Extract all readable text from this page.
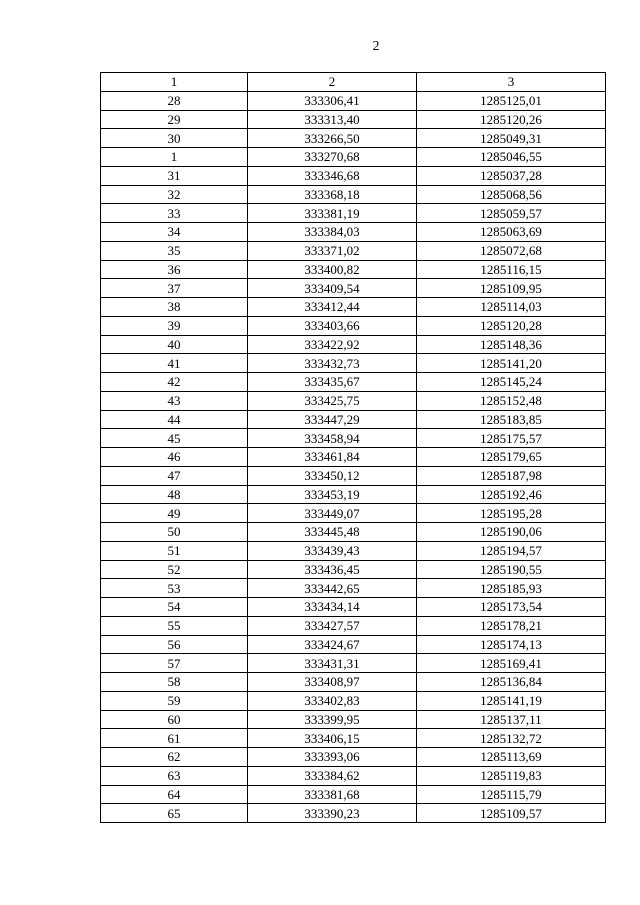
2
1	2	3
28	333306,41	1285125,01
29	333313,40	1285120,26
30	333266,50	1285049,31
1	333270,68	1285046,55
31	333346,68	1285037,28
32	333368,18	1285068,56
33	333381,19	1285059,57
34	333384,03	1285063,69
35	333371,02	1285072,68
36	333400,82	1285116,15
37	333409,54	1285109,95
38	333412,44	1285114,03
39	333403,66	1285120,28
40	333422,92	1285148,36
41	333432,73	1285141,20
42	333435,67	1285145,24
43	333425,75	1285152,48
44	333447,29	1285183,85
45	333458,94	1285175,57
46	333461,84	1285179,65
47	333450,12	1285187,98
48	333453,19	1285192,46
49	333449,07	1285195,28
50	333445,48	1285190,06
51	333439,43	1285194,57
52	333436,45	1285190,55
53	333442,65	1285185,93
54	333434,14	1285173,54
55	333427,57	1285178,21
56	333424,67	1285174,13
57	333431,31	1285169,41
58	333408,97	1285136,84
59	333402,83	1285141,19
60	333399,95	1285137,11
61	333406,15	1285132,72
62	333393,06	1285113,69
63	333384,62	1285119,83
64	333381,68	1285115,79
65	333390,23	1285109,57
